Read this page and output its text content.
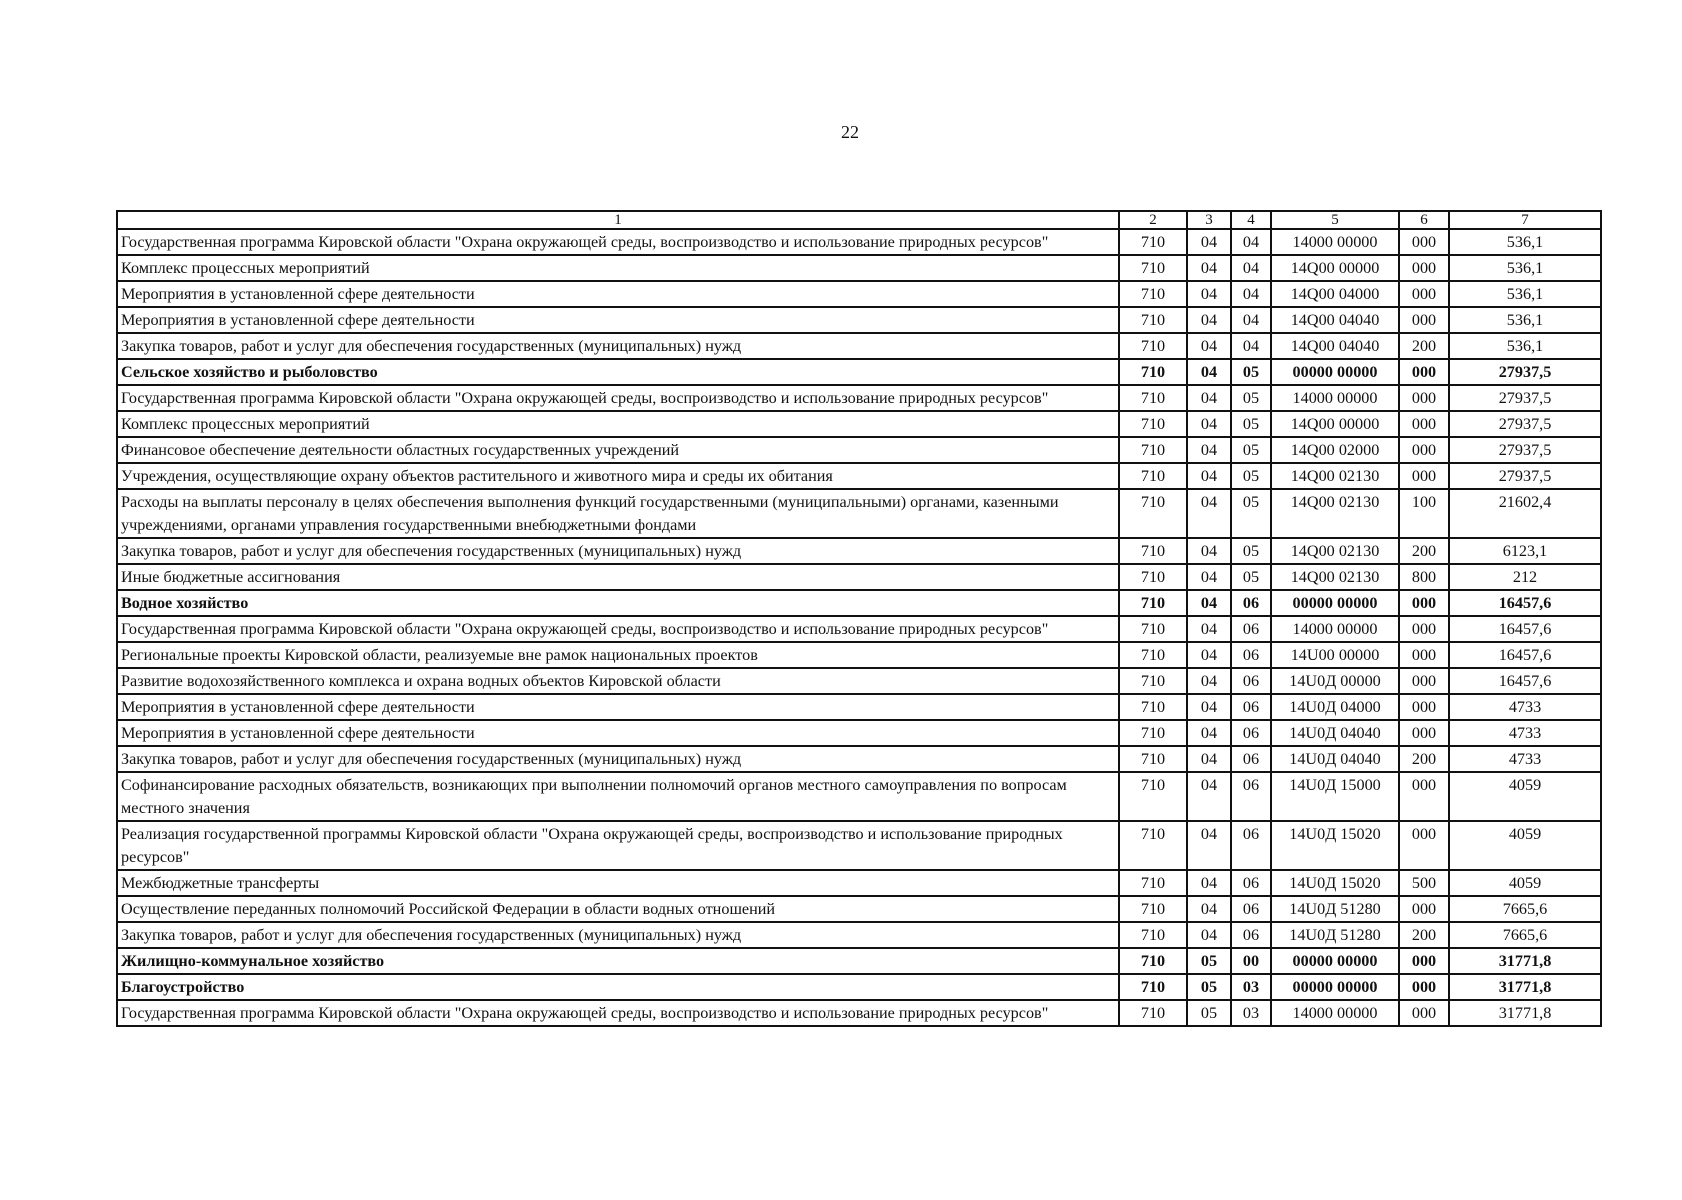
22
1	2	3	4	5	6	7
Государственная программа Кировской области "Охрана окружающей среды, воспроизводство и использование природных ресурсов"	710	04	04	14000 00000	000	536,1
Комплекс процессных мероприятий	710	04	04	14Q00 00000	000	536,1
Мероприятия в установленной сфере деятельности	710	04	04	14Q00 04000	000	536,1
Мероприятия в установленной сфере деятельности	710	04	04	14Q00 04040	000	536,1
Закупка товаров, работ и услуг для обеспечения государственных (муниципальных) нужд	710	04	04	14Q00 04040	200	536,1
Сельское хозяйство и рыболовство	710	04	05	00000 00000	000	27937,5
Государственная программа Кировской области "Охрана окружающей среды, воспроизводство и использование природных ресурсов"	710	04	05	14000 00000	000	27937,5
Комплекс процессных мероприятий	710	04	05	14Q00 00000	000	27937,5
Финансовое обеспечение деятельности областных государственных учреждений	710	04	05	14Q00 02000	000	27937,5
Учреждения, осуществляющие охрану объектов растительного и животного мира и среды их обитания	710	04	05	14Q00 02130	000	27937,5
Расходы на выплаты персоналу в целях обеспечения выполнения функций государственными (муниципальными) органами, казенными учреждениями, органами управления государственными внебюджетными фондами	710	04	05	14Q00 02130	100	21602,4
Закупка товаров, работ и услуг для обеспечения государственных (муниципальных) нужд	710	04	05	14Q00 02130	200	6123,1
Иные бюджетные ассигнования	710	04	05	14Q00 02130	800	212
Водное хозяйство	710	04	06	00000 00000	000	16457,6
Государственная программа Кировской области "Охрана окружающей среды, воспроизводство и использование природных ресурсов"	710	04	06	14000 00000	000	16457,6
Региональные проекты Кировской области, реализуемые вне рамок национальных проектов	710	04	06	14U00 00000	000	16457,6
Развитие водохозяйственного комплекса и охрана водных объектов Кировской области	710	04	06	14U0Д 00000	000	16457,6
Мероприятия в установленной сфере деятельности	710	04	06	14U0Д 04000	000	4733
Мероприятия в установленной сфере деятельности	710	04	06	14U0Д 04040	000	4733
Закупка товаров, работ и услуг для обеспечения государственных (муниципальных) нужд	710	04	06	14U0Д 04040	200	4733
Софинансирование расходных обязательств, возникающих при выполнении полномочий органов местного самоуправления по вопросам местного значения	710	04	06	14U0Д 15000	000	4059
Реализация государственной программы Кировской области "Охрана окружающей среды, воспроизводство и использование природных ресурсов"	710	04	06	14U0Д 15020	000	4059
Межбюджетные трансферты	710	04	06	14U0Д 15020	500	4059
Осуществление переданных полномочий Российской Федерации в области водных отношений	710	04	06	14U0Д 51280	000	7665,6
Закупка товаров, работ и услуг для обеспечения государственных (муниципальных) нужд	710	04	06	14U0Д 51280	200	7665,6
Жилищно-коммунальное хозяйство	710	05	00	00000 00000	000	31771,8
Благоустройство	710	05	03	00000 00000	000	31771,8
Государственная программа Кировской области "Охрана окружающей среды, воспроизводство и использование природных ресурсов"	710	05	03	14000 00000	000	31771,8
